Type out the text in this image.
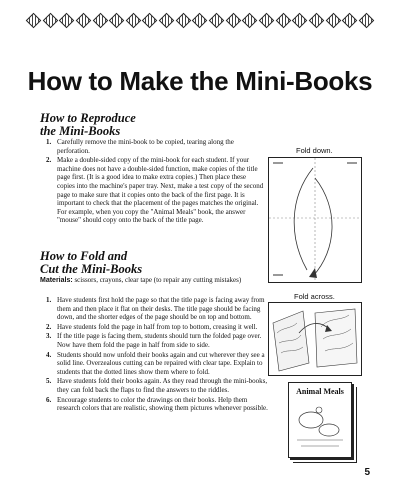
How to Make the Mini-Books
How to Reproduce
the Mini-Books
1. Carefully remove the mini-book to be copied, tearing along the perforation.
2. Make a double-sided copy of the mini-book for each student. If your machine does not have a double-sided function, make copies of the title page first. (It is a good idea to make extra copies.) Then place these copies into the machine's paper tray. Next, make a test copy of the second page to make sure that it copies onto the back of the first page. It is important to check that the placement of the pages matches the original. For example, when you copy the "Animal Meals" book, the answer "mouse" should copy onto the back of the title page.
How to Fold and
Cut the Mini-Books
Materials: scissors, crayons, clear tape (to repair any cutting mistakes)
1. Have students first hold the page so that the title page is facing away from them and then place it flat on their desks. The title page should be facing down, and the shorter edges of the page should be on top and bottom.
2. Have students fold the page in half from top to bottom, creasing it well.
3. If the title page is facing them, students should turn the folded page over. Now have them fold the page in half from side to side.
4. Students should now unfold their books again and cut wherever they see a solid line. Overzealous cutting can be repaired with clear tape. Explain to students that the dotted lines show them where to fold.
5. Have students fold their books again. As they read through the mini-books, they can fold back the flaps to find the answers to the riddles.
6. Encourage students to color the drawings on their books. Help them research colors that are realistic, showing them pictures whenever possible.
Fold down.
Fold across.
Animal Meals
5
